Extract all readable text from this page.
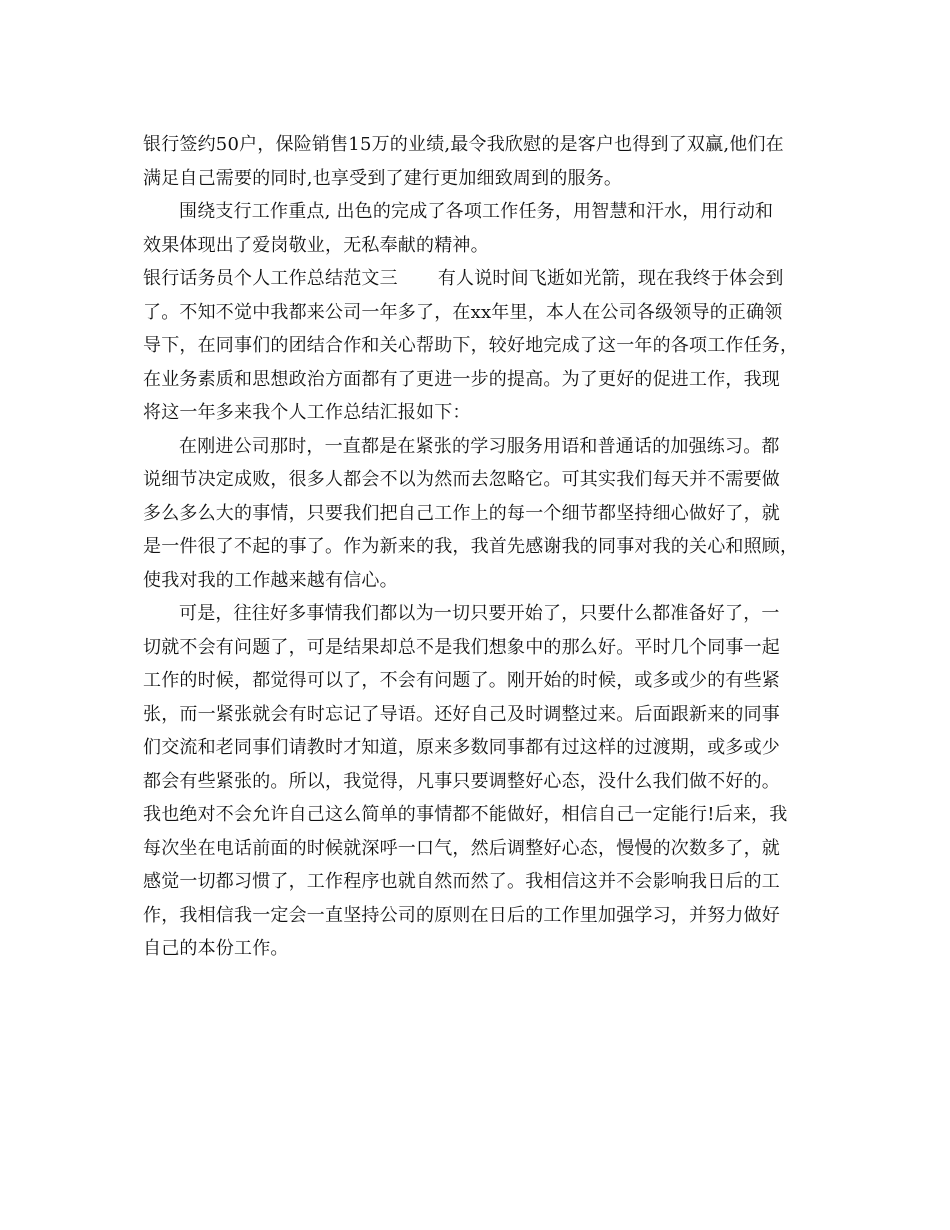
银行签约50户，保险销售15万的业绩,最令我欣慰的是客户也得到了双赢,他们在
满足自己需要的同时,也享受到了建行更加细致周到的服务。
围绕支行工作重点, 出色的完成了各项工作任务，用智慧和汗水，用行动和
效果体现出了爱岗敬业，无私奉献的精神。
银行话务员个人工作总结范文三 有人说时间飞逝如光箭，现在我终于体会到
了。不知不觉中我都来公司一年多了，在xx年里，本人在公司各级领导的正确领
导下，在同事们的团结合作和关心帮助下，较好地完成了这一年的各项工作任务，
在业务素质和思想政治方面都有了更进一步的提高。为了更好的促进工作，我现
将这一年多来我个人工作总结汇报如下：
在刚进公司那时，一直都是在紧张的学习服务用语和普通话的加强练习。都
说细节决定成败，很多人都会不以为然而去忽略它。可其实我们每天并不需要做
多么多么大的事情，只要我们把自己工作上的每一个细节都坚持细心做好了，就
是一件很了不起的事了。作为新来的我，我首先感谢我的同事对我的关心和照顾，
使我对我的工作越来越有信心。
可是，往往好多事情我们都以为一切只要开始了，只要什么都准备好了，一
切就不会有问题了，可是结果却总不是我们想象中的那么好。平时几个同事一起
工作的时候，都觉得可以了，不会有问题了。刚开始的时候，或多或少的有些紧
张，而一紧张就会有时忘记了导语。还好自己及时调整过来。后面跟新来的同事
们交流和老同事们请教时才知道，原来多数同事都有过这样的过渡期，或多或少
都会有些紧张的。所以，我觉得，凡事只要调整好心态，没什么我们做不好的。
我也绝对不会允许自己这么简单的事情都不能做好，相信自己一定能行!后来，我
每次坐在电话前面的时候就深呼一口气，然后调整好心态，慢慢的次数多了，就
感觉一切都习惯了，工作程序也就自然而然了。我相信这并不会影响我日后的工
作，我相信我一定会一直坚持公司的原则在日后的工作里加强学习，并努力做好
自己的本份工作。
